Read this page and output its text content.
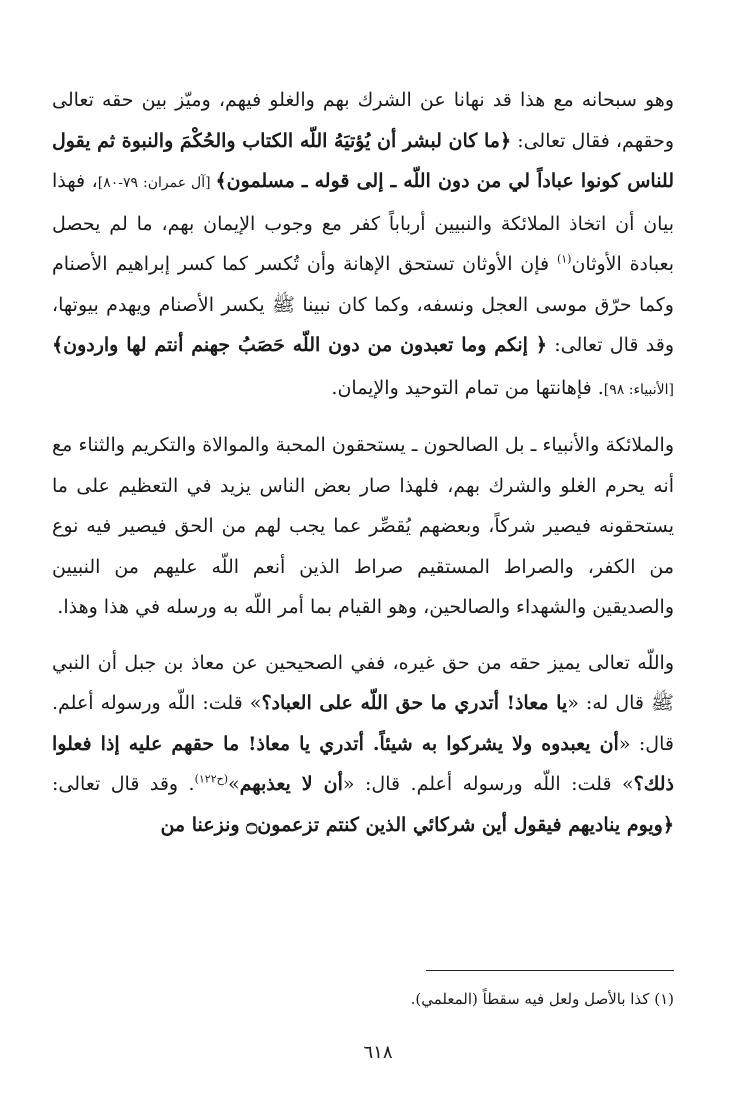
وهو سبحانه مع هذا قد نهانا عن الشرك بهم والغلو فيهم، وميّز بين حقه تعالى وحقهم، فقال تعالى: ﴿ما كان لبشر أن يُؤتيَهُ اللّه الكتاب والحُكْمَ والنبوة ثم يقول للناس كونوا عباداً لي من دون اللّه ـ إلى قوله ـ مسلمون﴾ [آل عمران: ٧٩-٨٠]، فهذا بيان أن اتخاذ الملائكة والنبيين أرباباً كفر مع وجوب الإيمان بهم، ما لم يحصل بعبادة الأوثان$^{(١)}$ فإن الأوثان تستحق الإهانة وأن تُكسر كما كسر إبراهيم الأصنام وكما حرّق موسى العجل ونسفه، وكما كان نبينا ﷺ يكسر الأصنام ويهدم بيوتها، وقد قال تعالى: ﴿ إنكم وما تعبدون من دون اللّه حَصَبُ جهنم أنتم لها واردون﴾ [الأنبياء: ٩٨]. فإهانتها من تمام التوحيد والإيمان.

والملائكة والأنبياء ـ بل الصالحون ـ يستحقون المحبة والموالاة والتكريم والثناء مع أنه يحرم الغلو والشرك بهم، فلهذا صار بعض الناس يزيد في التعظيم على ما يستحقونه فيصير شركاً، وبعضهم يُقصِّر عما يجب لهم من الحق فيصير فيه نوع من الكفر، والصراط المستقيم صراط الذين أنعم اللّه عليهم من النبيين والصديقين والشهداء والصالحين، وهو القيام بما أمر اللّه به ورسله في هذا وهذا.

واللّه تعالى يميز حقه من حق غيره، ففي الصحيحين عن معاذ بن جبل أن النبي ﷺ قال له: «يا معاذ! أتدري ما حق اللّه على العباد؟» قلت: اللّه ورسوله أعلم. قال: «أن يعبدوه ولا يشركوا به شيئاً. أتدري يا معاذ! ما حقهم عليه إذا فعلوا ذلك؟» قلت: اللّه ورسوله أعلم. قال: «أن لا يعذبهم»$^{(ح١٢٢)}$. وقد قال تعالى: ﴿ويوم يناديهم فيقول أين شركائي الذين كنتم تزعمون۝ ونزعنا من

(١) كذا بالأصل ولعل فيه سقطاً (المعلمي).
٦١٨
